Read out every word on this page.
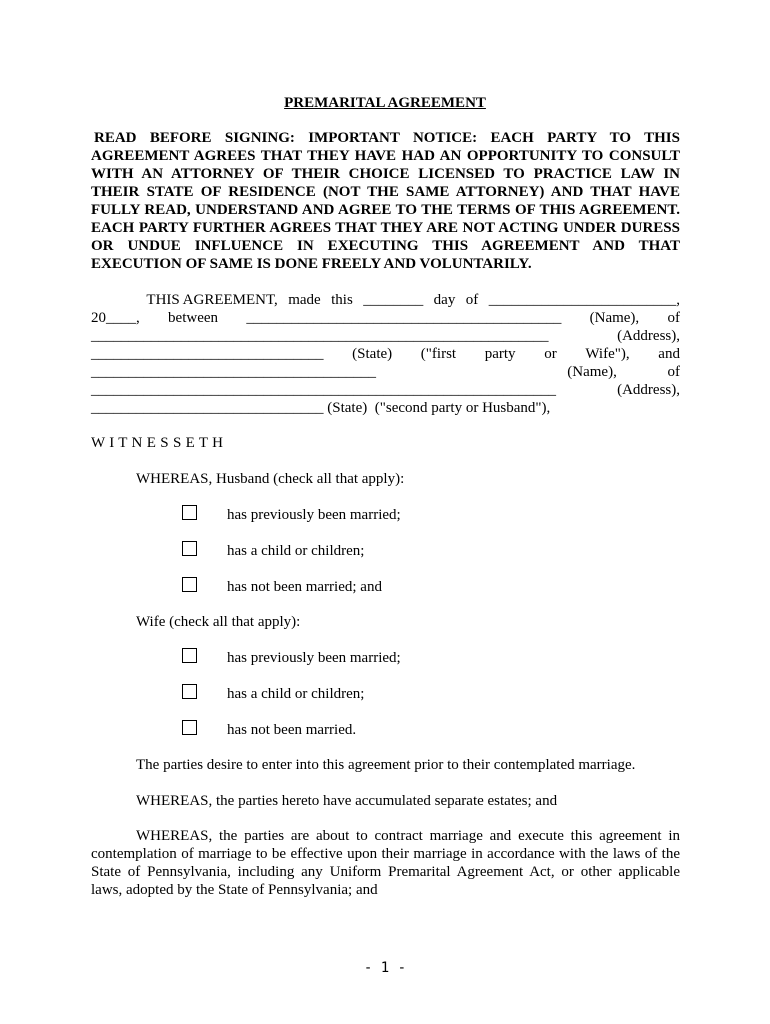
PREMARITAL AGREEMENT
READ BEFORE SIGNING: IMPORTANT NOTICE: EACH PARTY TO THIS AGREEMENT AGREES THAT THEY HAVE HAD AN OPPORTUNITY TO CONSULT WITH AN ATTORNEY OF THEIR CHOICE LICENSED TO PRACTICE LAW IN THEIR STATE OF RESIDENCE (NOT THE SAME ATTORNEY) AND THAT HAVE FULLY READ, UNDERSTAND AND AGREE TO THE TERMS OF THIS AGREEMENT. EACH PARTY FURTHER AGREES THAT THEY ARE NOT ACTING UNDER DURESS OR UNDUE INFLUENCE IN EXECUTING THIS AGREEMENT AND THAT EXECUTION OF SAME IS DONE FREELY AND VOLUNTARILY.
THIS AGREEMENT, made this ________ day of _________________________,
20____, between __________________________________________ (Name), of
_____________________________________________________________	(Address),
_______________________________ (State) ("first party or Wife"), and
______________________________________	(Name),	of
______________________________________________________________	(Address),
_______________________________ (State)  ("second party or Husband"),
W I T N E S S E T H
WHEREAS, Husband (check all that apply):
has previously been married;
has a child or children;
has not been married; and
Wife (check all that apply):
has previously been married;
has a child or children;
has not been married.
The parties desire to enter into this agreement prior to their contemplated marriage.
WHEREAS, the parties hereto have accumulated separate estates; and
WHEREAS, the parties are about to contract marriage and execute this agreement in contemplation of marriage to be effective upon their marriage in accordance with the laws of the State of Pennsylvania, including any Uniform Premarital Agreement Act, or other applicable laws, adopted by the State of Pennsylvania; and
- 1 -
